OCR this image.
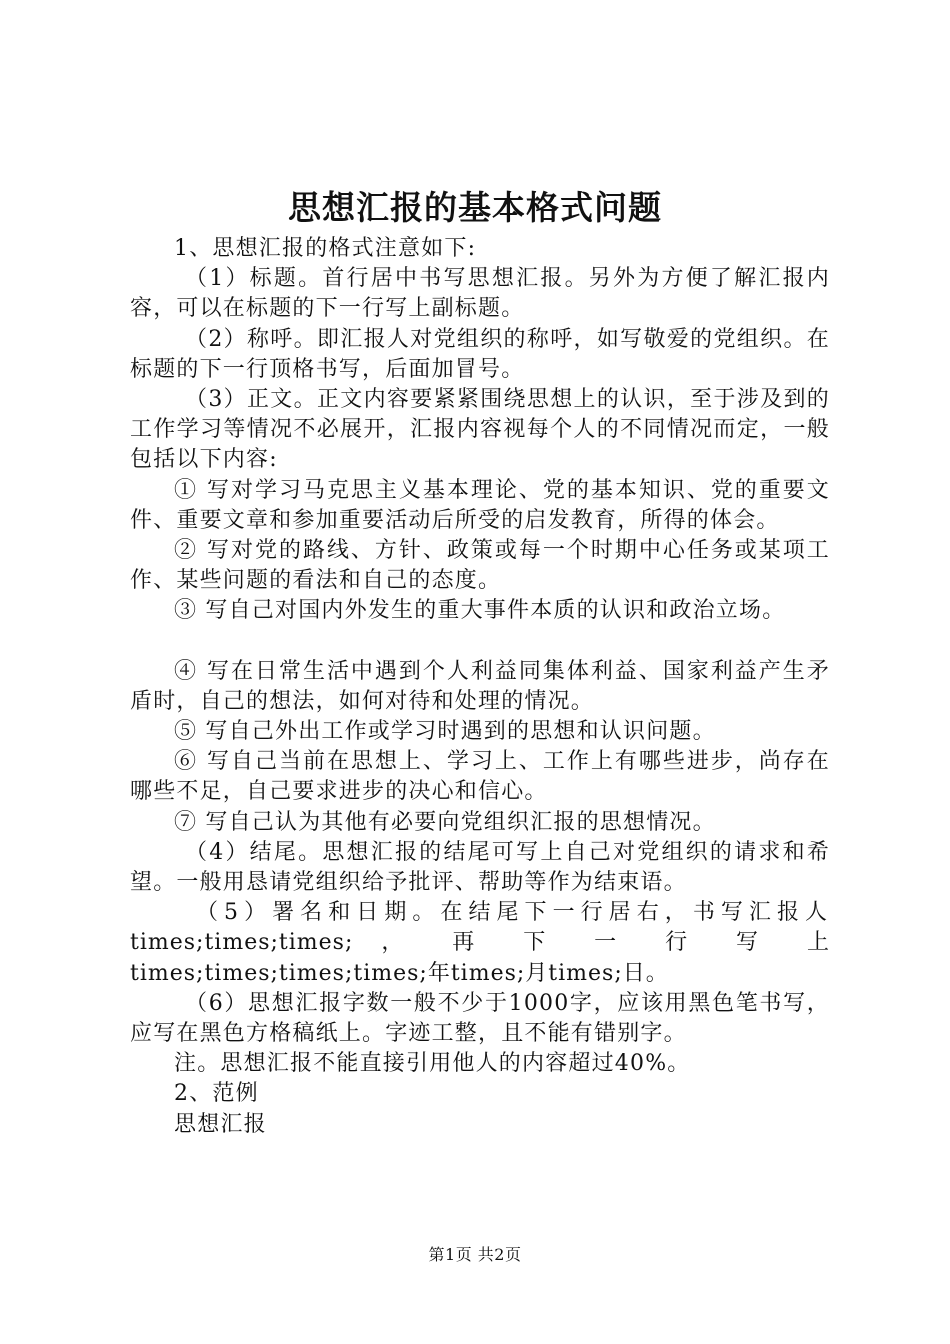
思想汇报的基本格式问题

1、思想汇报的格式注意如下:

（1）标题。首行居中书写思想汇报。另外为方便了解汇报内容，可以在标题的下一行写上副标题。

（2）称呼。即汇报人对党组织的称呼，如写敬爱的党组织。在标题的下一行顶格书写，后面加冒号。

（3）正文。正文内容要紧紧围绕思想上的认识，至于涉及到的工作学习等情况不必展开，汇报内容视每个人的不同情况而定，一般包括以下内容:

① 写对学习马克思主义基本理论、党的基本知识、党的重要文件、重要文章和参加重要活动后所受的启发教育，所得的体会。

② 写对党的路线、方针、政策或每一个时期中心任务或某项工作、某些问题的看法和自己的态度。

③ 写自己对国内外发生的重大事件本质的认识和政治立场。

④ 写在日常生活中遇到个人利益同集体利益、国家利益产生矛盾时，自己的想法，如何对待和处理的情况。

⑤ 写自己外出工作或学习时遇到的思想和认识问题。

⑥ 写自己当前在思想上、学习上、工作上有哪些进步，尚存在哪些不足，自己要求进步的决心和信心。

⑦ 写自己认为其他有必要向党组织汇报的思想情况。

（4）结尾。思想汇报的结尾可写上自己对党组织的请求和希望。一般用恳请党组织给予批评、帮助等作为结束语。

（5）署名和日期。在结尾下一行居右，书写汇报人

times;times;times; ， 再 下 一 行 写 上

times;times;times;times;年times;月times;日。

（6）思想汇报字数一般不少于1000字，应该用黑色笔书写，应写在黑色方格稿纸上。字迹工整，且不能有错别字。

注。思想汇报不能直接引用他人的内容超过40%。

2、范例

思想汇报

第1页 共2页
